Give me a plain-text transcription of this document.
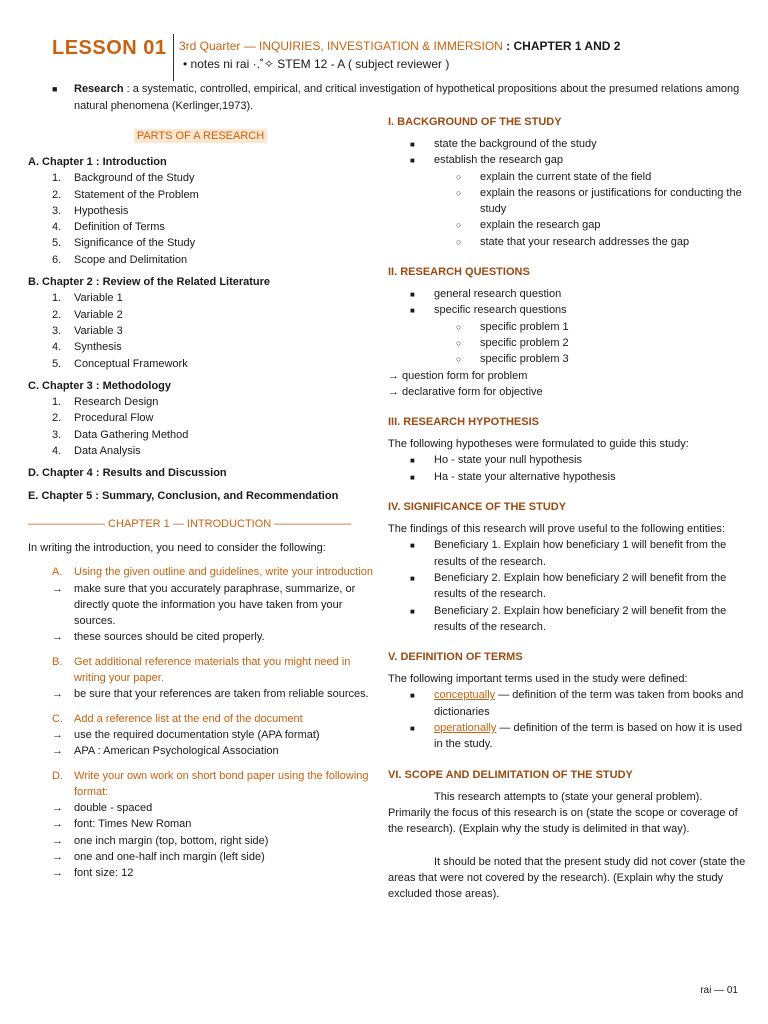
LESSON 01 3rd Quarter — INQUIRIES, INVESTIGATION & IMMERSION : CHAPTER 1 AND 2
• notes ni rai ·.˚✧ STEM 12 - A ( subject reviewer )
■ Research : a systematic, controlled, empirical, and critical investigation of hypothetical propositions about the presumed relations among natural phenomena (Kerlinger,1973).
PARTS OF A RESEARCH

A. Chapter 1 : Introduction

1. Background of the Study
2. Statement of the Problem
3. Hypothesis
4. Definition of Terms
5. Significance of the Study
6. Scope and Delimitation

B. Chapter 2 : Review of the Related Literature

1. Variable 1
2. Variable 2
3. Variable 3
4. Synthesis
5. Conceptual Framework

C. Chapter 3 : Methodology

1. Research Design
2. Procedural Flow
3. Data Gathering Method
4. Data Analysis

D. Chapter 4 : Results and Discussion

E. Chapter 5 : Summary, Conclusion, and Recommendation

——————— CHAPTER 1 — INTRODUCTION ———————
In writing the introduction, you need to consider the following:
A. Using the given outline and guidelines, write your introduction
→ make sure that you accurately paraphrase, summarize, or directly quote the information you have taken from your sources.
→ these sources should be cited properly.
B. Get additional reference materials that you might need in writing your paper.
→ be sure that your references are taken from reliable sources.
C. Add a reference list at the end of the document
→ use the required documentation style (APA format)
→ APA : American Psychological Association
D. Write your own work on short bond paper using the following format:
→ double - spaced
→ font: Times New Roman
→ one inch margin (top, bottom, right side)
→ one and one-half inch margin (left side)
→ font size: 12
I. BACKGROUND OF THE STUDY
■ state the background of the study
■ establish the research gap
○ explain the current state of the field
○ explain the reasons or justifications for conducting the study
○ explain the research gap
○ state that your research addresses the gap
II. RESEARCH QUESTIONS
■ general research question
■ specific research questions
○ specific problem 1
○ specific problem 2
○ specific problem 3
→ question form for problem
→ declarative form for objective
III. RESEARCH HYPOTHESIS
The following hypotheses were formulated to guide this study:
■ Ho - state your null hypothesis
■ Ha - state your alternative hypothesis
IV. SIGNIFICANCE OF THE STUDY
The findings of this research will prove useful to the following entities:
■ Beneficiary 1. Explain how beneficiary 1 will benefit from the results of the research.
■ Beneficiary 2. Explain how beneficiary 2 will benefit from the results of the research.
■ Beneficiary 2. Explain how beneficiary 2 will benefit from the results of the research.
V. DEFINITION OF TERMS
The following important terms used in the study were defined:
■ conceptually — definition of the term was taken from books and dictionaries
■ operationally — definition of the term is based on how it is used in the study.
VI. SCOPE AND DELIMITATION OF THE STUDY
This research attempts to (state your general problem). Primarily the focus of this research is on (state the scope or coverage of the research). (Explain why the study is delimited in that way).
It should be noted that the present study did not cover (state the areas that were not covered by the research). (Explain why the study excluded those areas).
rai — 01
